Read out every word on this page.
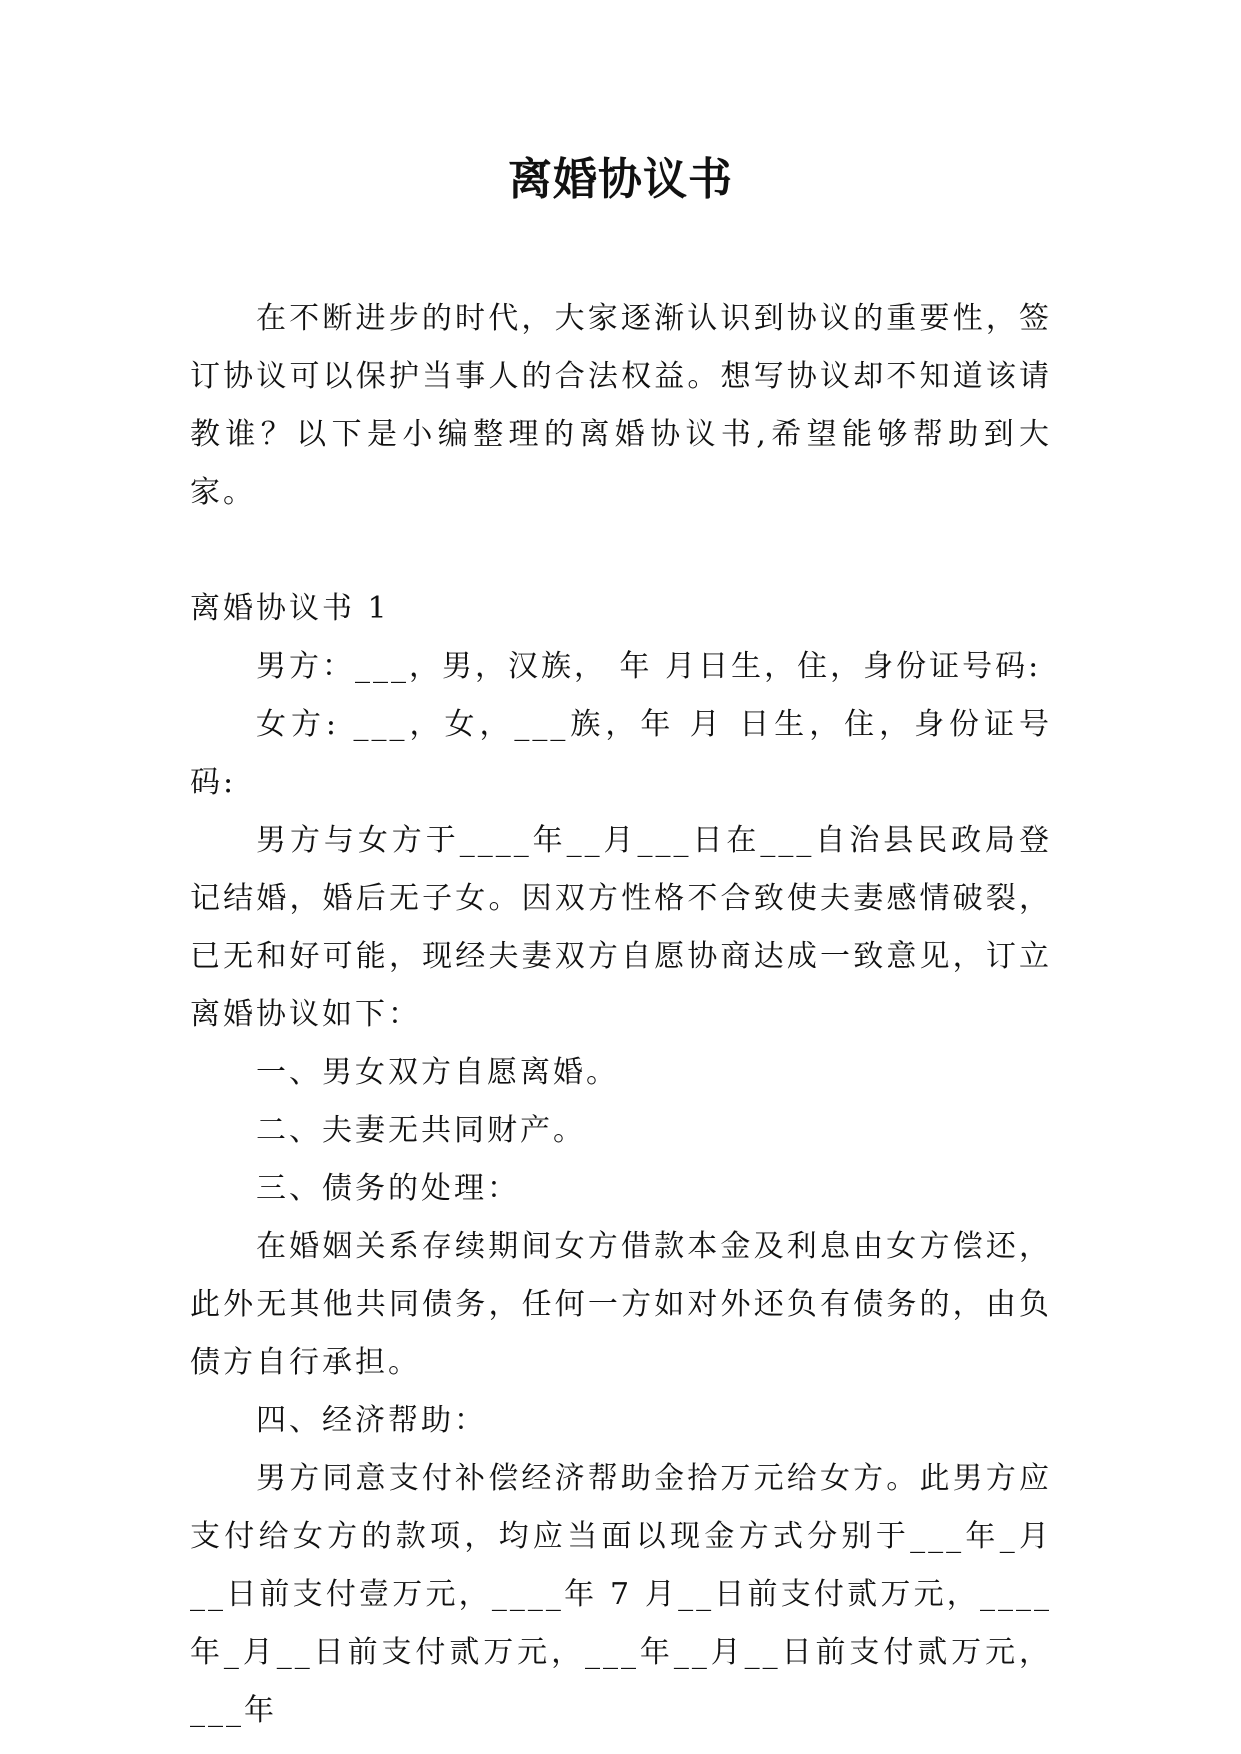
离婚协议书

在不断进步的时代，大家逐渐认识到协议的重要性，签订协议可以保护当事人的合法权益。想写协议却不知道该请教谁？以下是小编整理的离婚协议书,希望能够帮助到大家。

离婚协议书 1

男方：___，男，汉族， 年 月日生，住，身份证号码:

女方: ___，女，___族，年 月 日生，住，身份证号码:

男方与女方于____年__月___日在___自治县民政局登记结婚，婚后无子女。因双方性格不合致使夫妻感情破裂，已无和好可能，现经夫妻双方自愿协商达成一致意见，订立离婚协议如下：

一、男女双方自愿离婚。

二、夫妻无共同财产。

三、债务的处理：

在婚姻关系存续期间女方借款本金及利息由女方偿还，此外无其他共同债务，任何一方如对外还负有债务的，由负债方自行承担。

四、经济帮助：

男方同意支付补偿经济帮助金拾万元给女方。此男方应支付给女方的款项，均应当面以现金方式分别于___年_月__日前支付壹万元，____年 7 月__日前支付贰万元，____年_月__日前支付贰万元，___年__月__日前支付贰万元，___年
